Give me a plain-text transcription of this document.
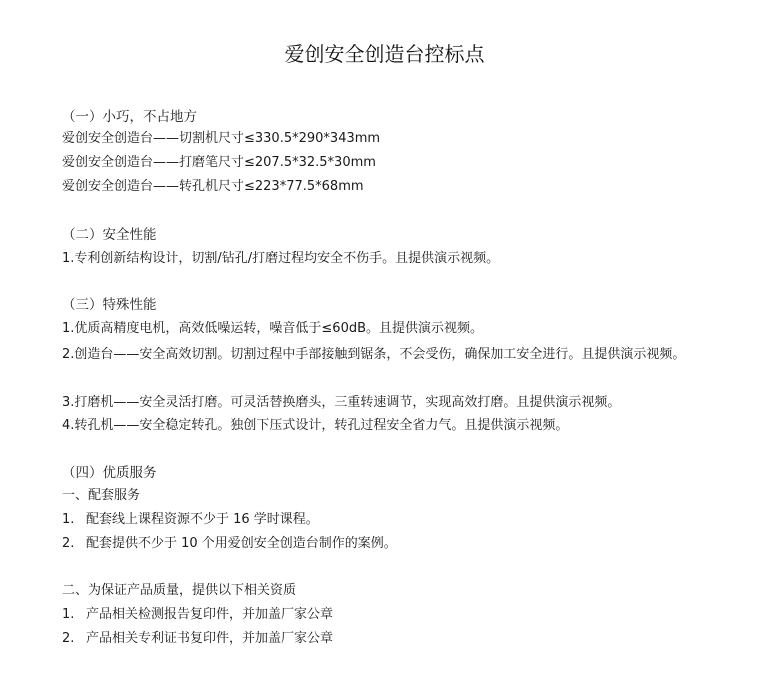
爱创安全创造台控标点
（一）小巧，不占地方
爱创安全创造台——切割机尺寸≤330.5*290*343mm
爱创安全创造台——打磨笔尺寸≤207.5*32.5*30mm
爱创安全创造台——转孔机尺寸≤223*77.5*68mm
（二）安全性能
1.专利创新结构设计，切割/钻孔/打磨过程均安全不伤手。且提供演示视频。
（三）特殊性能
1.优质高精度电机，高效低噪运转，噪音低于≤60dB。且提供演示视频。
2.创造台——安全高效切割。切割过程中手部接触到锯条，不会受伤，确保加工安全进行。且提供演示视频。
3.打磨机——安全灵活打磨。可灵活替换磨头，三重转速调节，实现高效打磨。且提供演示视频。
4.转孔机——安全稳定转孔。独创下压式设计，转孔过程安全省力气。且提供演示视频。
（四）优质服务
一、配套服务
1. 配套线上课程资源不少于 16 学时课程。
2. 配套提供不少于 10 个用爱创安全创造台制作的案例。
二、为保证产品质量，提供以下相关资质
1. 产品相关检测报告复印件，并加盖厂家公章
2. 产品相关专利证书复印件，并加盖厂家公章
